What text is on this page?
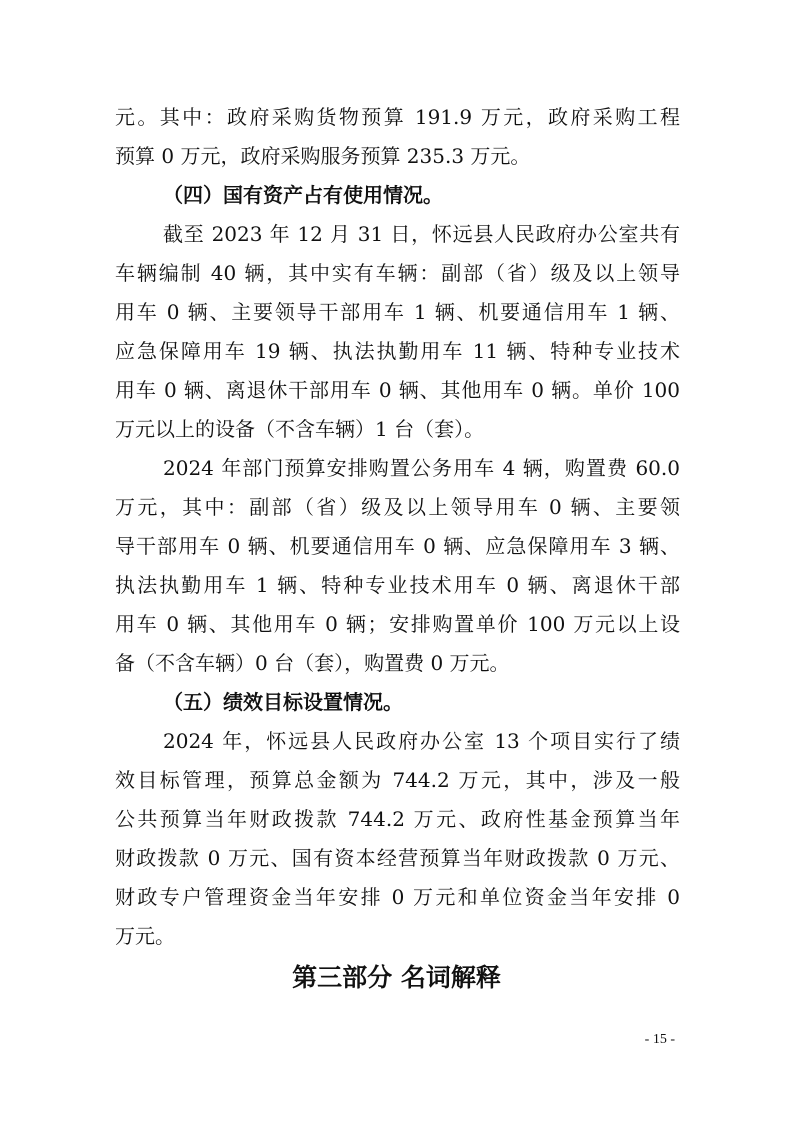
元。其中：政府采购货物预算 191.9 万元，政府采购工程
预算 0 万元，政府采购服务预算 235.3 万元。
（四）国有资产占有使用情况。
截至 2023 年 12 月 31 日，怀远县人民政府办公室共有
车辆编制 40 辆，其中实有车辆：副部（省）级及以上领导
用车 0 辆、主要领导干部用车 1 辆、机要通信用车 1 辆、
应急保障用车 19 辆、执法执勤用车 11 辆、特种专业技术
用车 0 辆、离退休干部用车 0 辆、其他用车 0 辆。单价 100
万元以上的设备（不含车辆）1 台（套）。
2024 年部门预算安排购置公务用车 4 辆，购置费 60.0
万元，其中：副部（省）级及以上领导用车 0 辆、主要领
导干部用车 0 辆、机要通信用车 0 辆、应急保障用车 3 辆、
执法执勤用车 1 辆、特种专业技术用车 0 辆、离退休干部
用车 0 辆、其他用车 0 辆；安排购置单价 100 万元以上设
备（不含车辆）0 台（套），购置费 0 万元。
（五）绩效目标设置情况。
2024 年，怀远县人民政府办公室 13 个项目实行了绩
效目标管理，预算总金额为 744.2 万元，其中，涉及一般
公共预算当年财政拨款 744.2 万元、政府性基金预算当年
财政拨款 0 万元、国有资本经营预算当年财政拨款 0 万元、
财政专户管理资金当年安排 0 万元和单位资金当年安排 0
万元。
第三部分 名词解释
- 15 -
